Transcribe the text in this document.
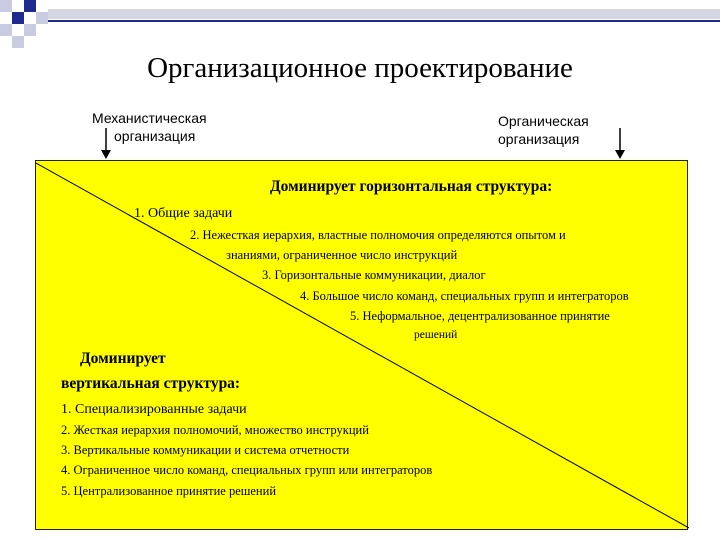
Организационное проектирование
Механистическая
организация
Органическая
организация
Доминирует горизонтальная структура:
1. Общие задачи
2. Нежесткая иерархия, властные полномочия определяются опытом и
знаниями, ограниченное число инструкций
3. Горизонтальные коммуникации, диалог
4. Большое число команд, специальных групп и интеграторов
5. Неформальное, децентрализованное принятие
решений
Доминирует
вертикальная структура:
1. Специализированные задачи
2. Жесткая иерархия полномочий, множество инструкций
3. Вертикальные коммуникации и система отчетности
4. Ограниченное число команд, специальных групп или интеграторов
5. Централизованное принятие решений
